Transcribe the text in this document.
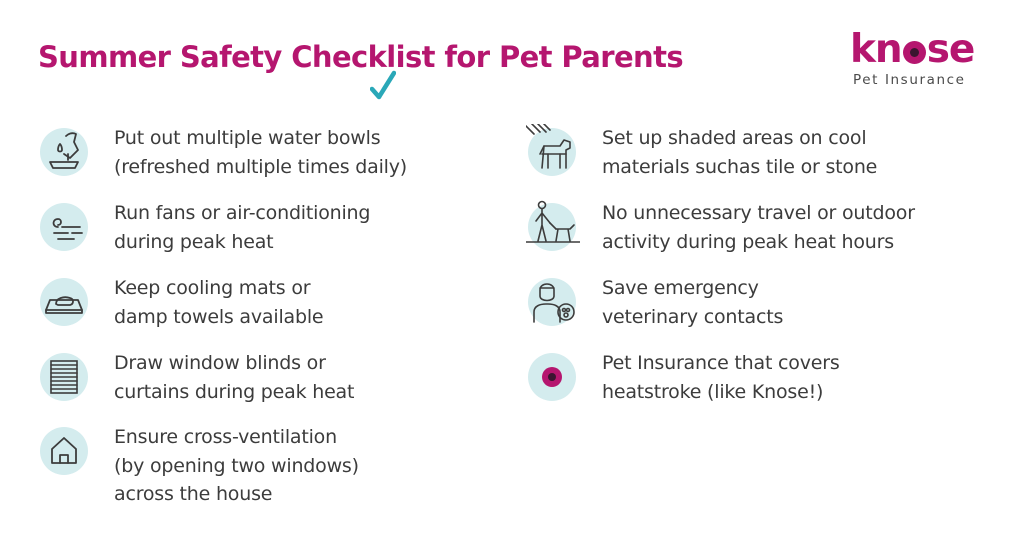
Summer Safety Chec
klist for Pet Parents	kn se
Pet Insurance
Put out multiple water bowls
(refreshed multiple times daily)
Run fans or air-conditioning
during peak heat
Keep cooling mats or
damp towels available
Draw window blinds or
curtains during peak heat
Ensure cross-ventilation
(by opening two windows)
across the house
Set up shaded areas on cool
materials suchas tile or stone
No unnecessary travel or outdoor
activity during peak heat hours
Save emergency
veterinary contacts
Pet Insurance that covers
heatstroke (like Knose!)
